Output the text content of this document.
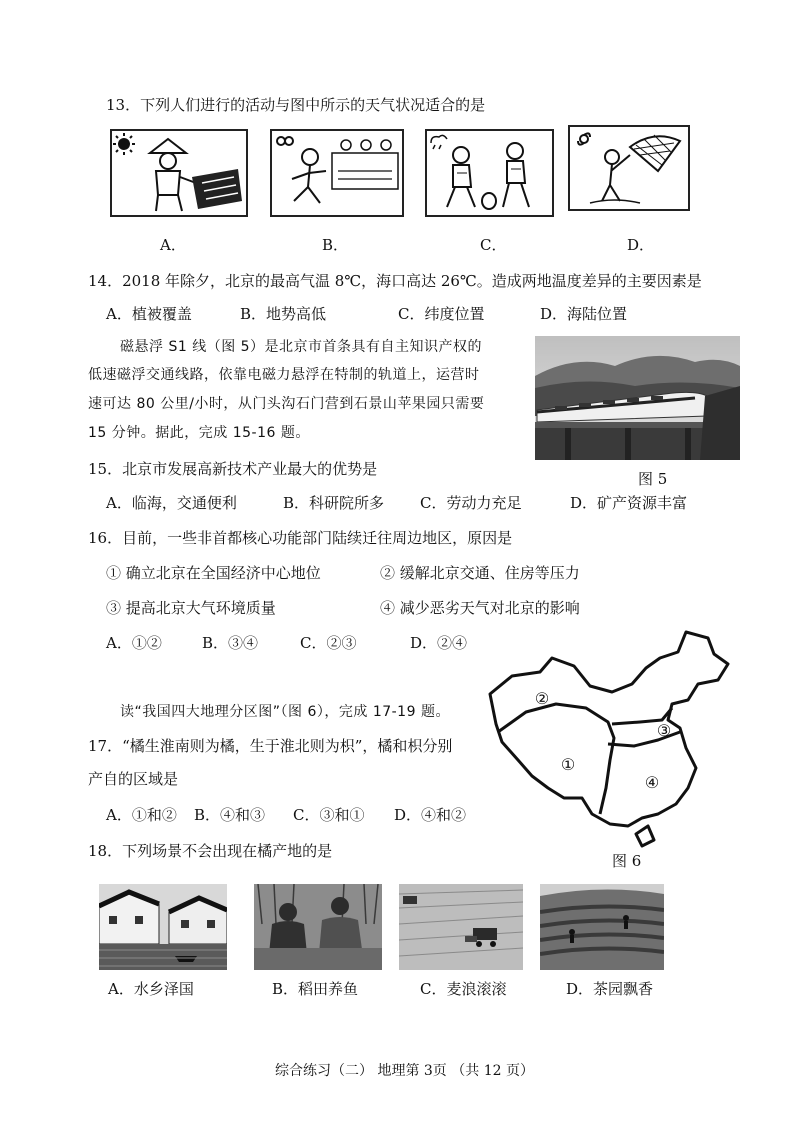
13．下列人们进行的活动与图中所示的天气状况适合的是
A．	B．	C．	D．
14．2018 年除夕，北京的最高气温 8℃，海口高达 26℃。造成两地温度差异的主要因素是
A．植被覆盖	B．地势高低	C．纬度位置	D．海陆位置
磁悬浮 S1 线（图 5）是北京市首条具有自主知识产权的
低速磁浮交通线路，依靠电磁力悬浮在特制的轨道上，运营时
速可达 80 公里/小时，从门头沟石门营到石景山苹果园只需要
15 分钟。据此，完成 15-16 题。
图 5
15．北京市发展高新技术产业最大的优势是
A．临海，交通便利	B．科研院所多 C．劳动力充足	D．矿产资源丰富
16．目前，一些非首都核心功能部门陆续迁往周边地区，原因是
① 确立北京在全国经济中心地位	② 缓解北京交通、住房等压力
③ 提高北京大气环境质量	④ 减少恶劣天气对北京的影响
A．①②	B．③④	C．②③	D．②④
②
③
①
④
图 6
读“我国四大地理分区图”（图 6），完成 17-19 题。
17．“橘生淮南则为橘，生于淮北则为枳”，橘和枳分别
产自的区域是
A．①和② B．④和③ C．③和① D．④和②
18．下列场景不会出现在橘产地的是
A．水乡泽国	B．稻田养鱼	C．麦浪滚滚	D．茶园飘香
综合练习（二） 地理第 3页 （共 12 页）
